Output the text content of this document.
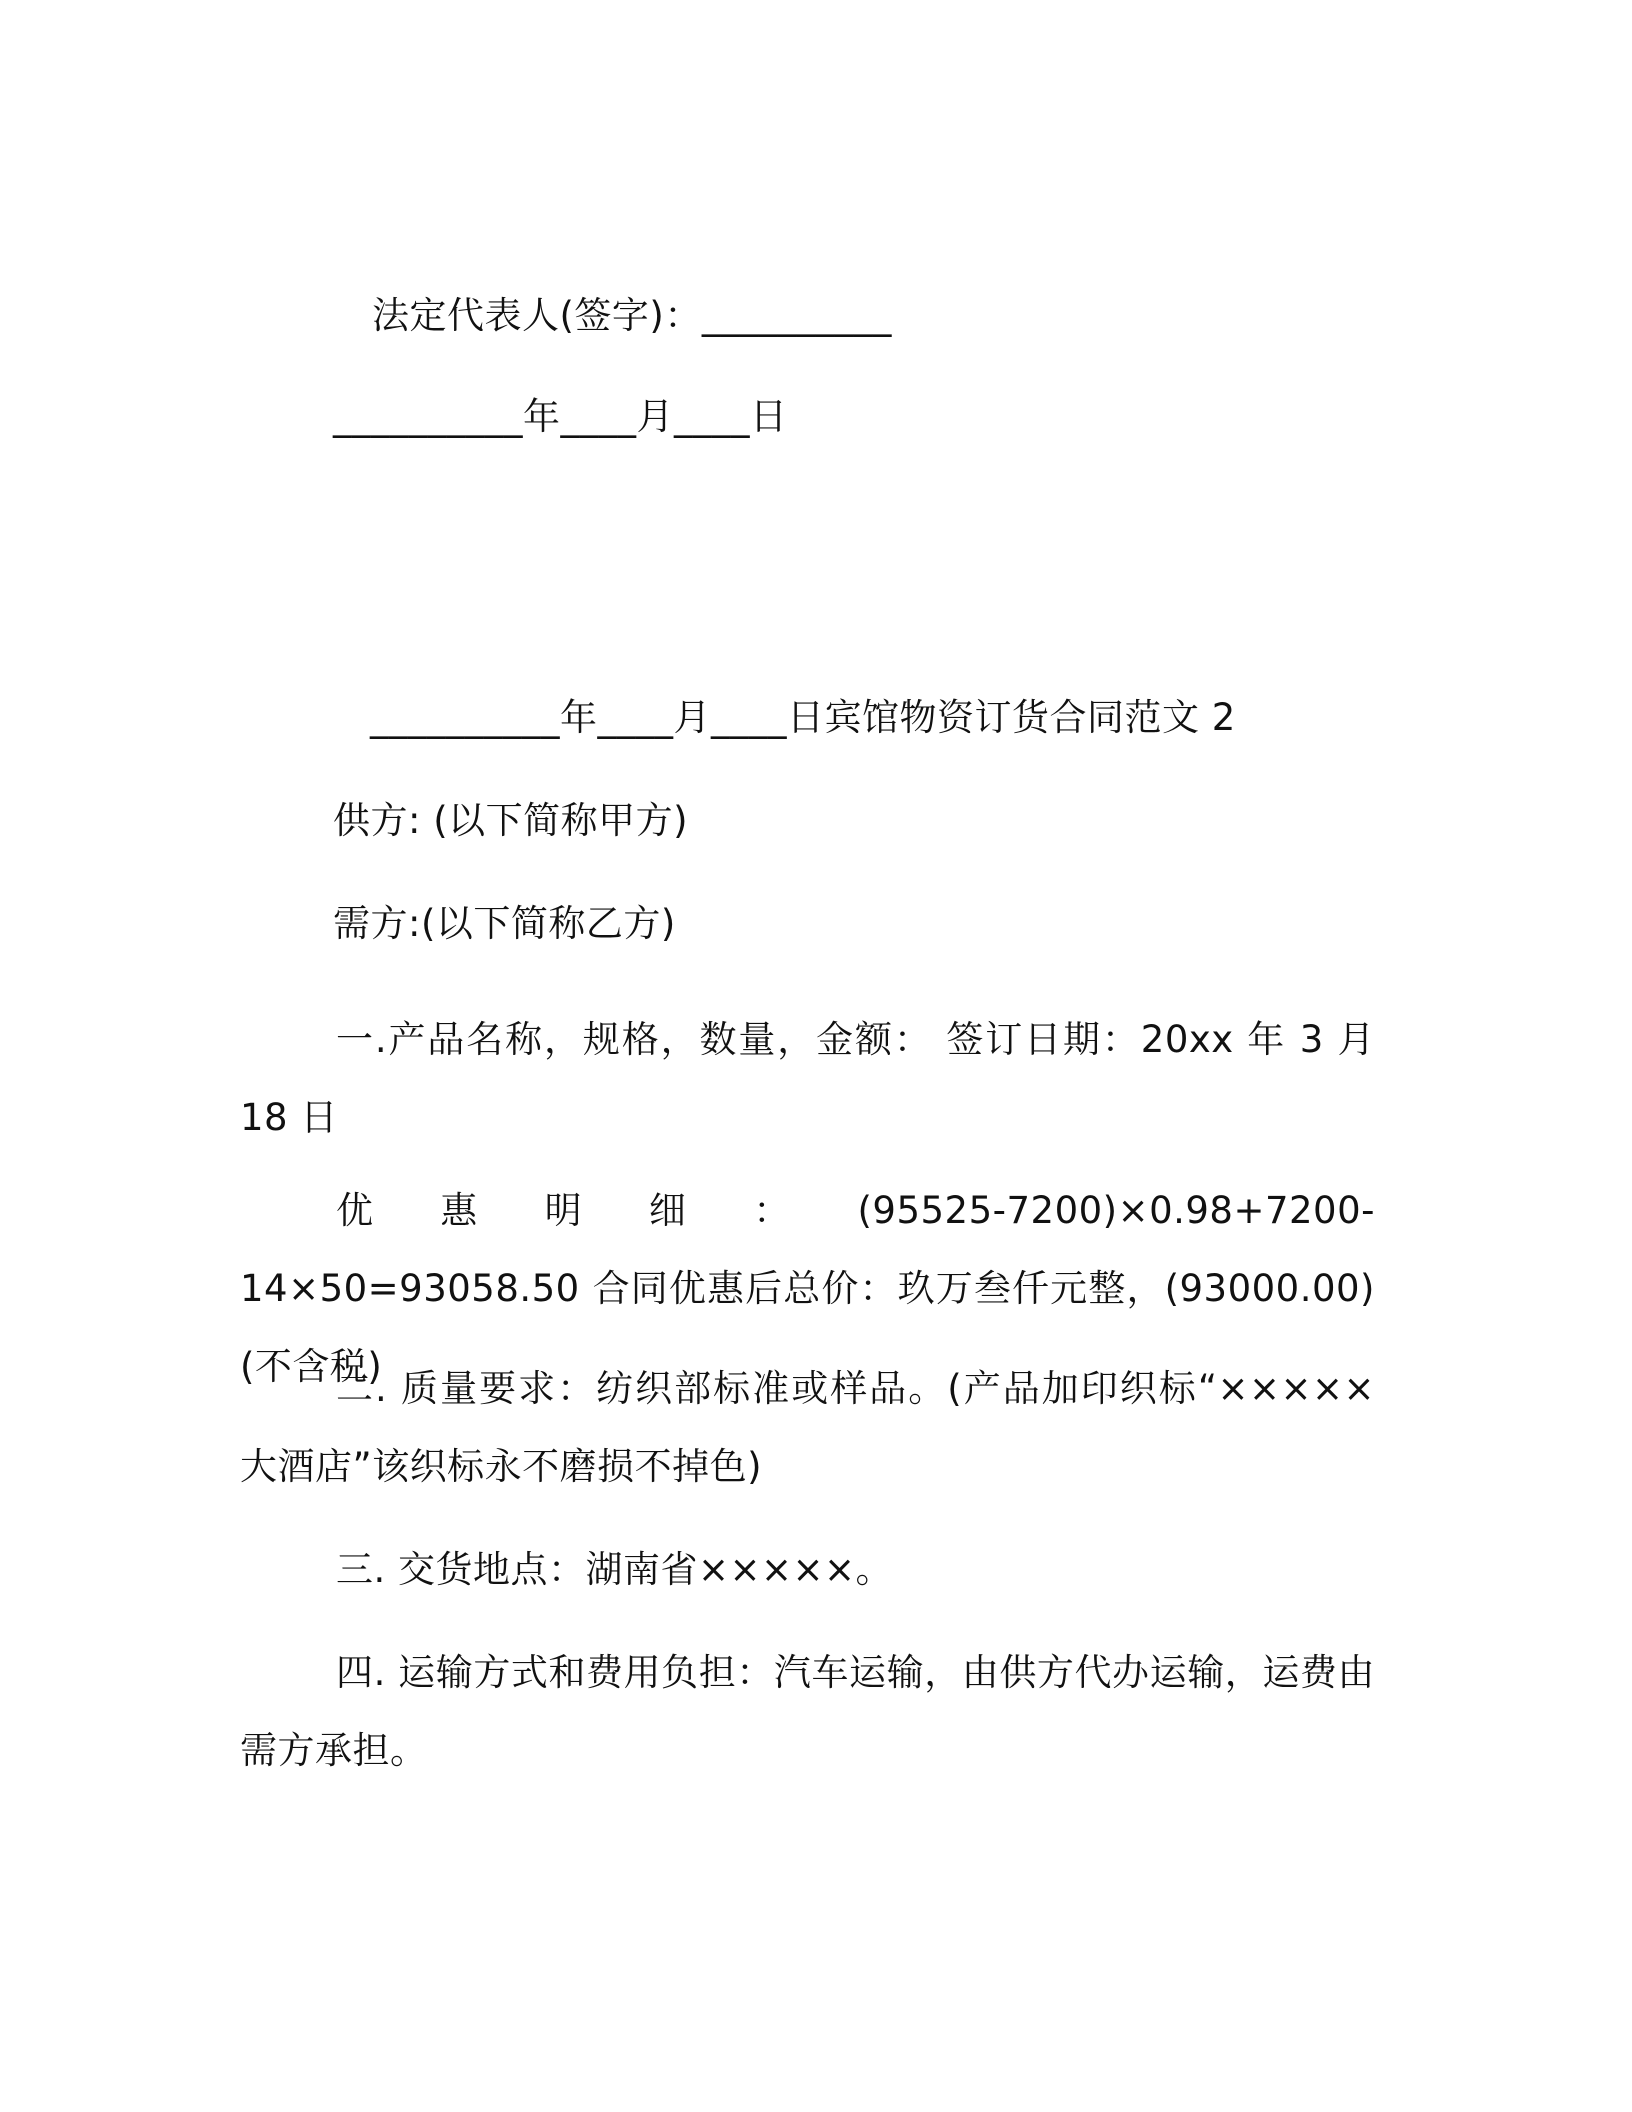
法定代表人(签字)：__________
__________年____月____日
__________年____月____日宾馆物资订货合同范文 2
供方: (以下简称甲方)
需方:(以下简称乙方)
一.产品名称，规格，数量，金额： 签订日期：20xx 年 3 月 18 日
优惠明细：(95525-7200)×0.98+7200-14×50=93058.50 合同优惠后总价：玖万叁仟元整，(93000.00)(不含税)
二. 质量要求：纺织部标准或样品。(产品加印织标“×××××大酒店”该织标永不磨损不掉色)
三. 交货地点：湖南省×××××。
四. 运输方式和费用负担：汽车运输，由供方代办运输，运费由需方承担。
